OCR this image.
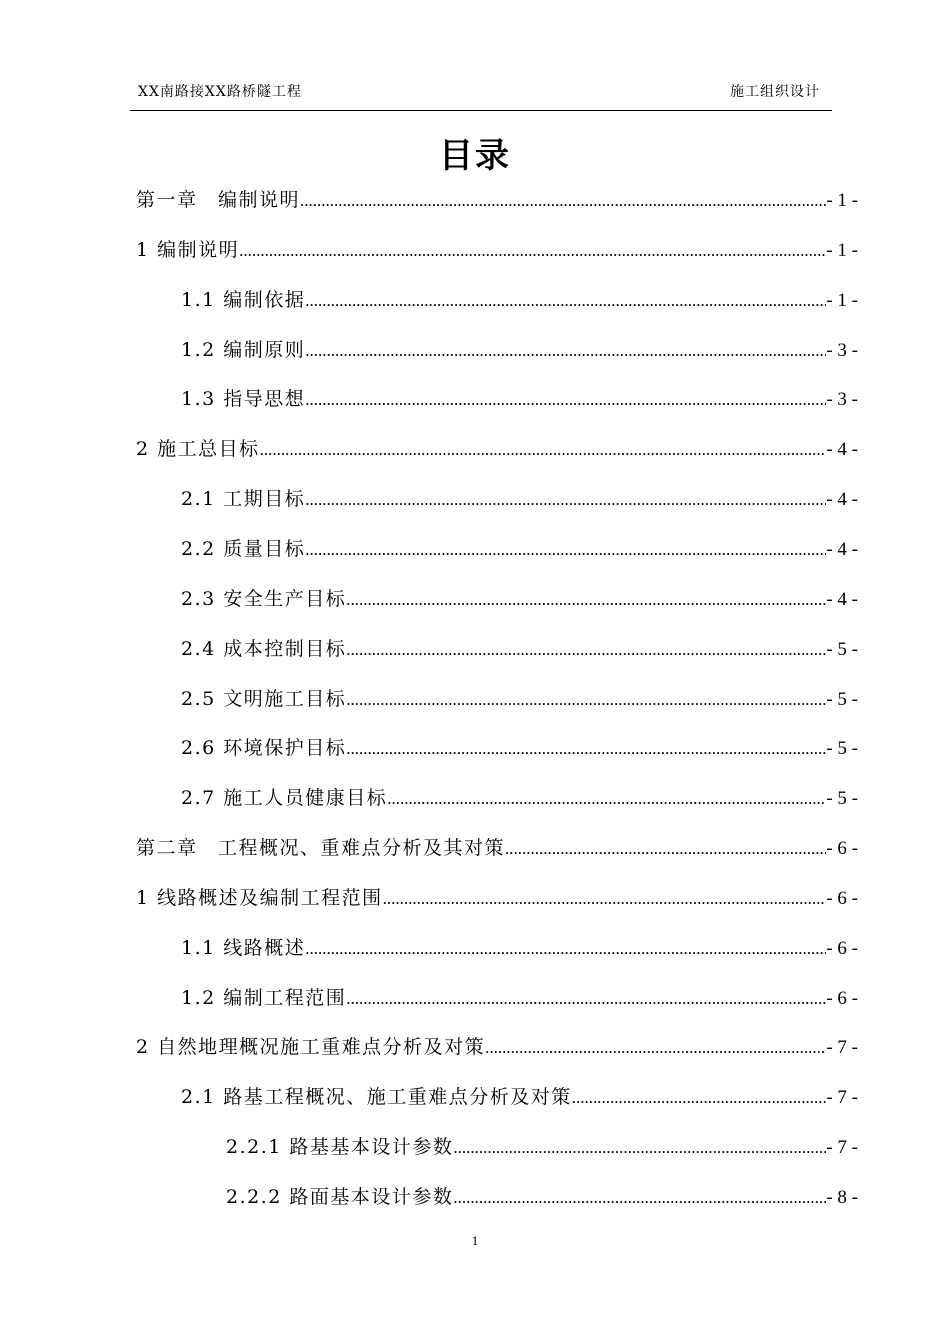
XX南路接XX路桥隧工程	施工组织设计
目录
第一章　编制说明 .....	- 1 -
1 编制说明 .....	- 1 -
1.1 编制依据 .....	- 1 -
1.2 编制原则 .....	- 3 -
1.3 指导思想 .....	- 3 -
2 施工总目标 .....	- 4 -
2.1 工期目标 .....	- 4 -
2.2 质量目标 .....	- 4 -
2.3 安全生产目标 .....	- 4 -
2.4 成本控制目标 .....	- 5 -
2.5 文明施工目标 .....	- 5 -
2.6 环境保护目标 .....	- 5 -
2.7 施工人员健康目标 .....	- 5 -
第二章　工程概况、重难点分析及其对策 .....	- 6 -
1 线路概述及编制工程范围 .....	- 6 -
1.1 线路概述 .....	- 6 -
1.2 编制工程范围 .....	- 6 -
2 自然地理概况施工重难点分析及对策 .....	- 7 -
2.1 路基工程概况、施工重难点分析及对策 .....	- 7 -
2.2.1 路基基本设计参数 .....	- 7 -
2.2.2 路面基本设计参数 .....	- 8 -
1
